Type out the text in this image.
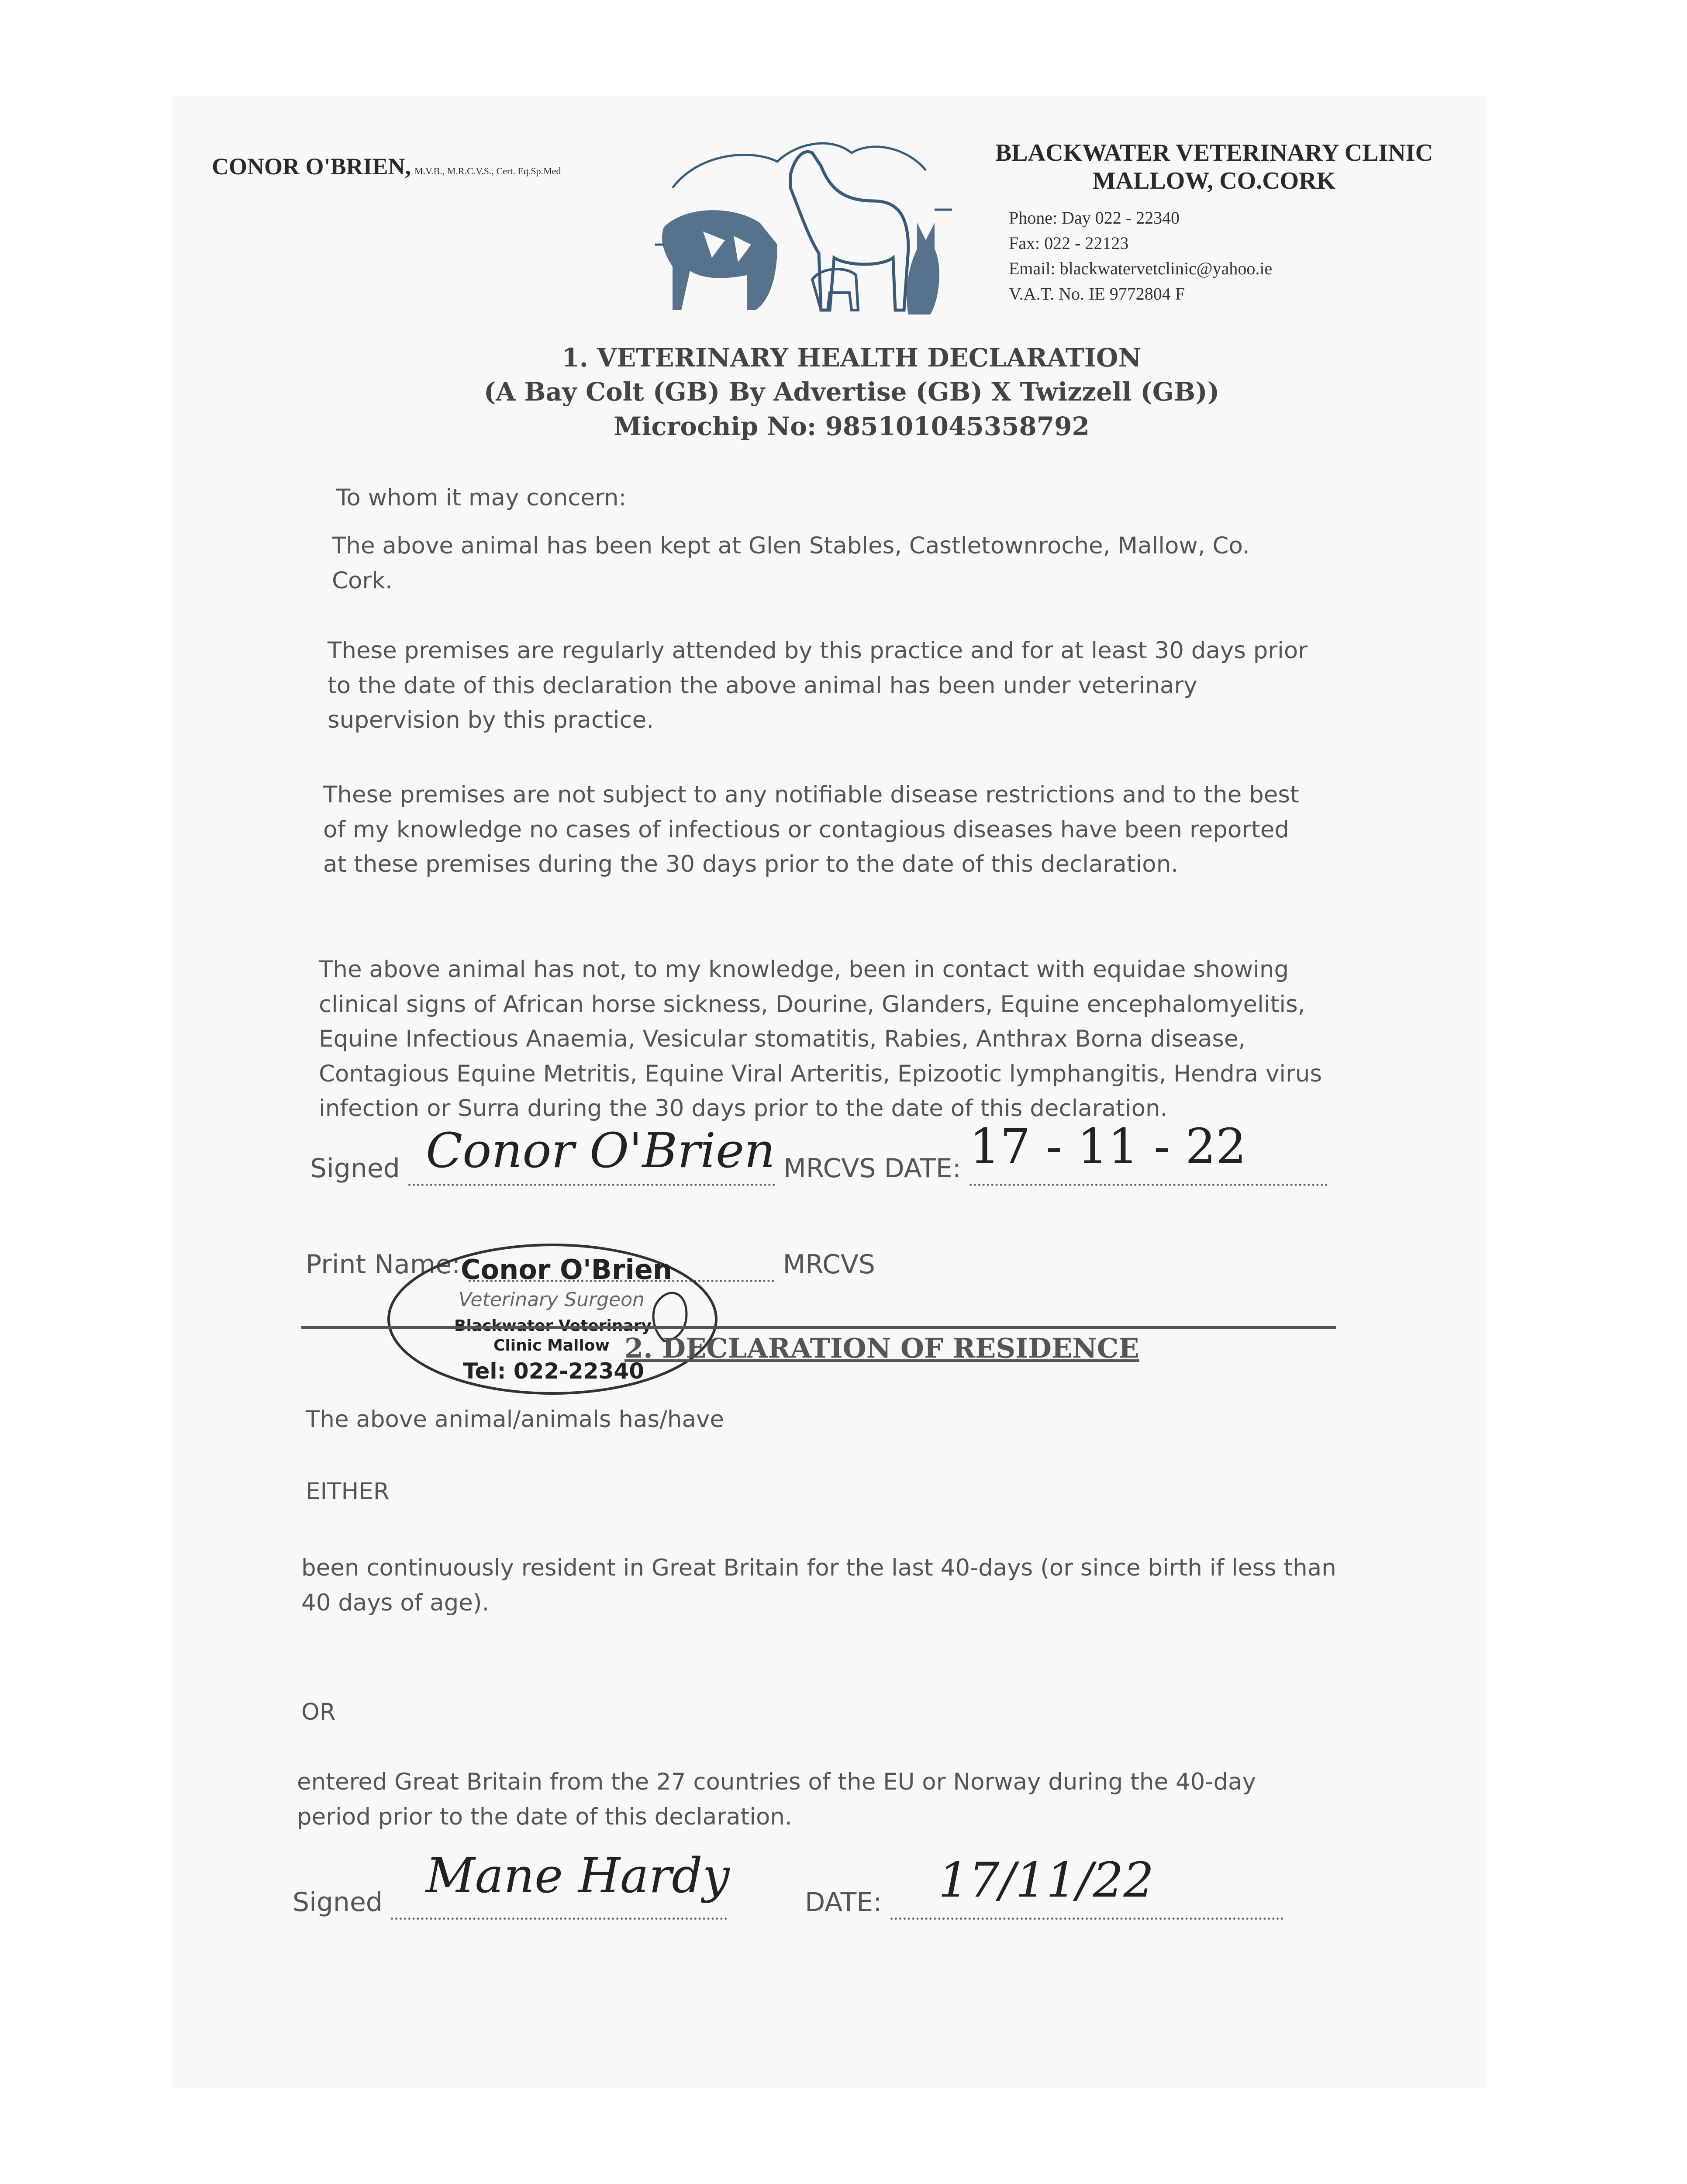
CONOR O'BRIEN, M.V.B., M.R.C.V.S., Cert. Eq.Sp.Med
BLACKWATER VETERINARY CLINIC
MALLOW, CO.CORK
Phone: Day 022 - 22340
Fax: 022 - 22123
Email: blackwatervetclinic@yahoo.ie
V.A.T. No. IE 9772804 F
1. VETERINARY HEALTH DECLARATION
(A Bay Colt (GB) By Advertise (GB) X Twizzell (GB))
Microchip No: 985101045358792
To whom it may concern:
The above animal has been kept at Glen Stables, Castletownroche, Mallow, Co. Cork.
These premises are regularly attended by this practice and for at least 30 days prior to the date of this declaration the above animal has been under veterinary supervision by this practice.
These premises are not subject to any notifiable disease restrictions and to the best of my knowledge no cases of infectious or contagious diseases have been reported at these premises during the 30 days prior to the date of this declaration.
The above animal has not, to my knowledge, been in contact with equidae showing clinical signs of African horse sickness, Dourine, Glanders, Equine encephalomyelitis, Equine Infectious Anaemia, Vesicular stomatitis, Rabies, Anthrax Borna disease, Contagious Equine Metritis, Equine Viral Arteritis, Epizootic lymphangitis, Hendra virus infection or Surra during the 30 days prior to the date of this declaration.
Signed Conor O'Brien MRCVS DATE: 17 - 11 - 22

Print Name:	MRCVS
Conor O'Brien
Veterinary Surgeon
Clinic Mallow
Tel: 022-22340
2. DECLARATION OF RESIDENCE
The above animal/animals has/have
EITHER
been continuously resident in Great Britain for the last 40-days (or since birth if less than 40 days of age).
OR
entered Great Britain from the 27 countries of the EU or Norway during the 40-day period prior to the date of this declaration.
Signed Mane Hardy	DATE: 17/11/22
